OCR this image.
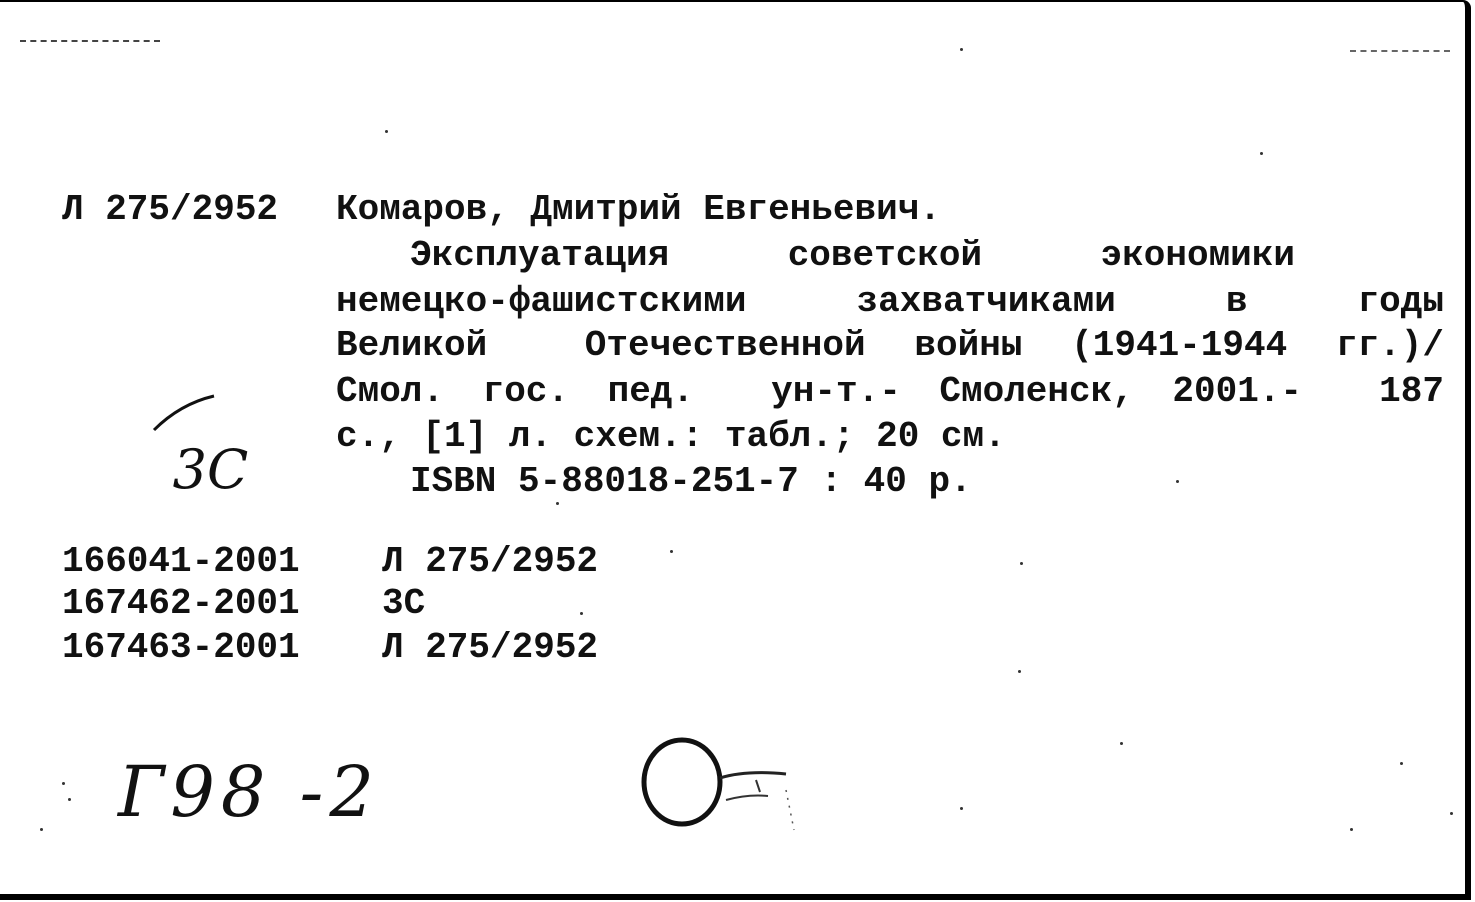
Л 275/2952 Комаров, Дмитрий Евгеньевич.
Эксплуатация    советской    экономики
немецко-фашистскими  захватчиками  в  годы
Великой  Отечественной войны (1941-1944 гг.)/
Смол. гос. пед.  ун-т.- Смоленск, 2001.-  187
с., [1] л. схем.: табл.; 20 см.
ISBN 5-88018-251-7 : 40 р.

3С

166041-2001 Л 275/2952
167462-2001 3С
167463-2001 Л 275/2952
Г98 -2
